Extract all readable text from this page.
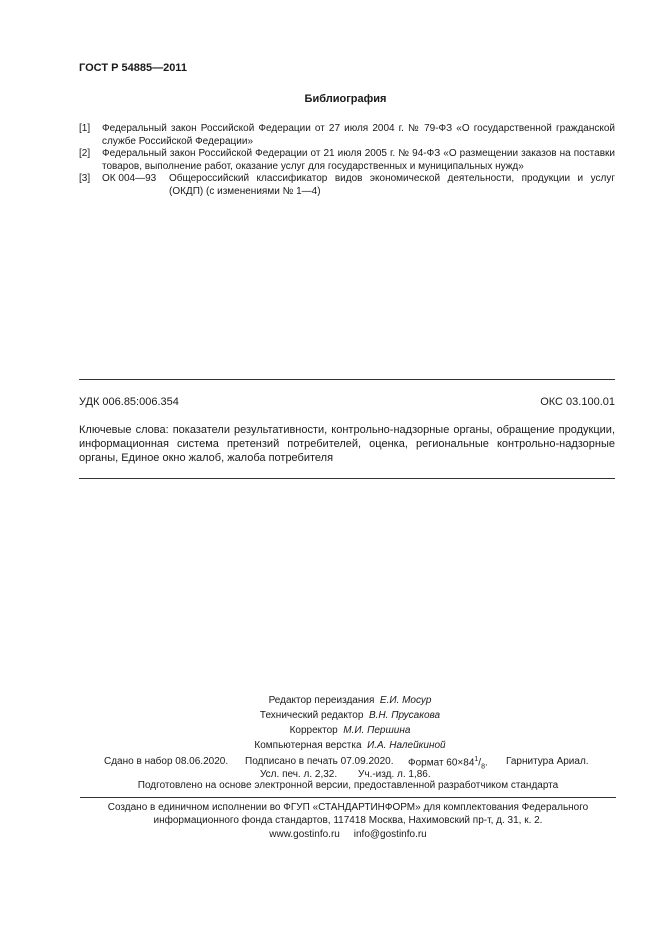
ГОСТ Р 54885—2011
Библиография
[1] Федеральный закон Российской Федерации от 27 июля 2004 г. № 79-ФЗ «О государственной гражданской службе Российской Федерации»
[2] Федеральный закон Российской Федерации от 21 июля 2005 г. № 94-ФЗ «О размещении заказов на поставки товаров, выполнение работ, оказание услуг для государственных и муниципальных нужд»
[3] ОК 004—93 Общероссийский классификатор видов экономической деятельности, продукции и услуг (ОКДП) (с изменениями № 1—4)
УДК 006.85:006.354	ОКС 03.100.01
Ключевые слова: показатели результативности, контрольно-надзорные органы, обращение продукции, информационная система претензий потребителей, оценка, региональные контрольно-надзорные органы, Единое окно жалоб, жалоба потребителя
Редактор переиздания Е.И. Мосур
Технический редактор В.Н. Прусакова
Корректор М.И. Першина
Компьютерная верстка И.А. Налейкиной
Сдано в набор 08.06.2020. Подписано в печать 07.09.2020. Формат $60\times 84^1/_8$. Гарнитура Ариал.
Усл. печ. л. 2,32. Уч.-изд. л. 1,86.
Подготовлено на основе электронной версии, предоставленной разработчиком стандарта
Создано в единичном исполнении во ФГУП «СТАНДАРТИНФОРМ» для комплектования Федерального
информационного фонда стандартов, 117418 Москва, Нахимовский пр-т, д. 31, к. 2.
www.gostinfo.ru info@gostinfo.ru
